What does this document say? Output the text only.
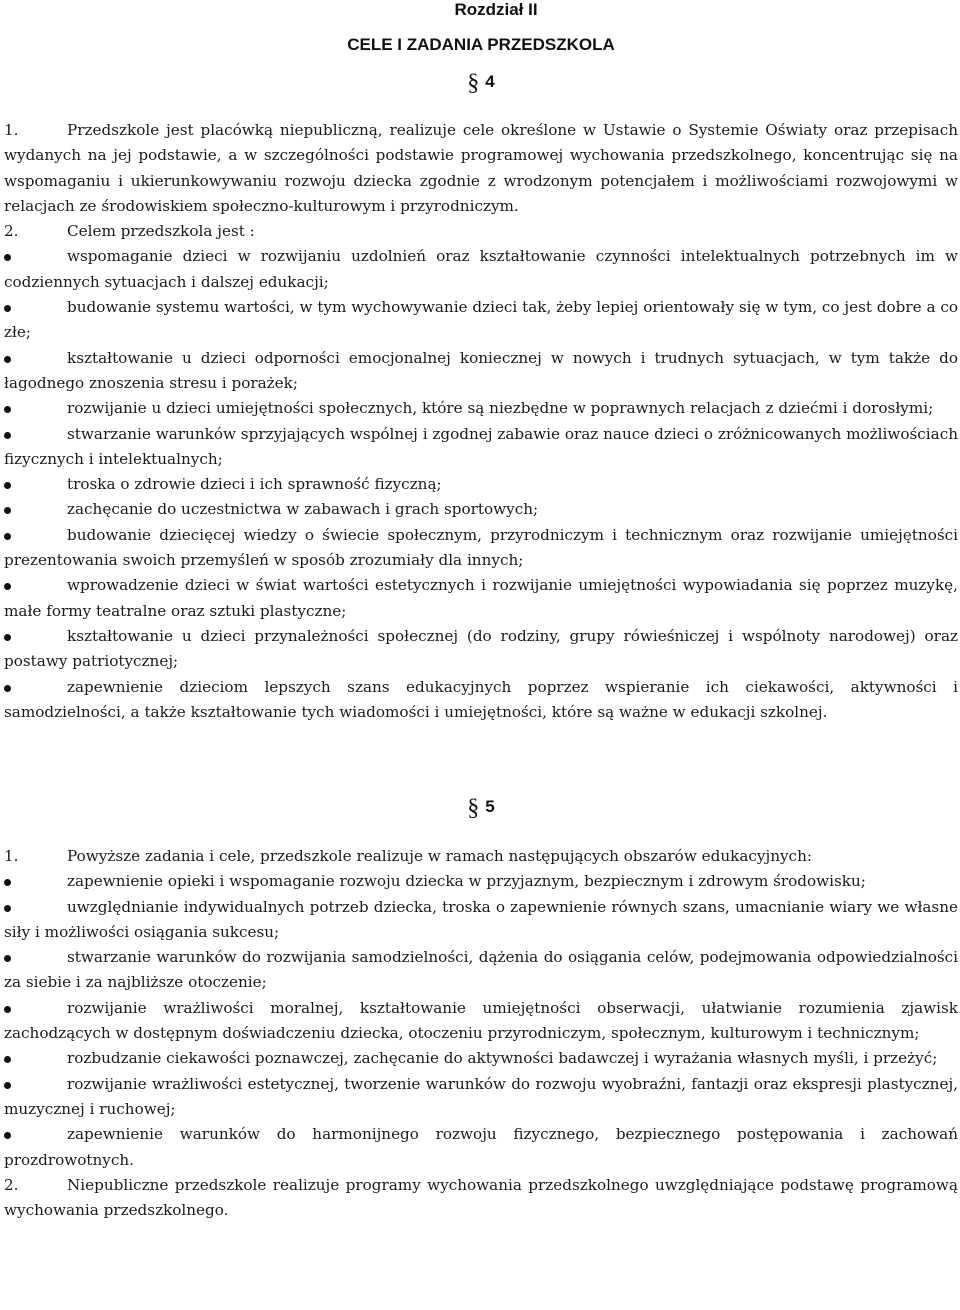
Rozdział II
CELE I ZADANIA PRZEDSZKOLA
§ 4

1.	Przedszkole jest placówką niepubliczną, realizuje cele określone w Ustawie o Systemie Oświaty oraz przepisach wydanych na jej podstawie, a w szczególności podstawie programowej wychowania przedszkolnego, koncentrując się na wspomaganiu i ukierunkowywaniu rozwoju dziecka zgodnie z wrodzonym potencjałem i możliwościami rozwojowymi w relacjach ze środowiskiem społeczno-kulturowym i przyrodniczym.

2.	Celem przedszkola jest :

wspomaganie dzieci w rozwijaniu uzdolnień oraz kształtowanie czynności intelektualnych potrzebnych im w codziennych sytuacjach i dalszej edukacji;

budowanie systemu wartości, w tym wychowywanie dzieci tak, żeby lepiej orientowały się w tym, co jest dobre a co złe;

kształtowanie u dzieci odporności emocjonalnej koniecznej w nowych i trudnych sytuacjach, w tym także do łagodnego znoszenia stresu i porażek;

rozwijanie u dzieci umiejętności społecznych, które są niezbędne w poprawnych relacjach z dziećmi i dorosłymi;

stwarzanie warunków sprzyjających wspólnej i zgodnej zabawie oraz nauce dzieci o zróżnicowanych możliwościach fizycznych i intelektualnych;

troska o zdrowie dzieci i ich sprawność fizyczną;

zachęcanie do uczestnictwa w zabawach i grach sportowych;

budowanie dziecięcej wiedzy o świecie społecznym, przyrodniczym i technicznym oraz rozwijanie umiejętności prezentowania swoich przemyśleń w sposób zrozumiały dla innych;

wprowadzenie dzieci w świat wartości estetycznych i rozwijanie umiejętności wypowiadania się poprzez muzykę, małe formy teatralne oraz sztuki plastyczne;

kształtowanie u dzieci przynależności społecznej (do rodziny, grupy rówieśniczej i wspólnoty narodowej) oraz postawy patriotycznej;

zapewnienie dzieciom lepszych szans edukacyjnych poprzez wspieranie ich ciekawości, aktywności i samodzielności, a także kształtowanie tych wiadomości i umiejętności, które są ważne w edukacji szkolnej.

§ 5

1.	Powyższe zadania i cele, przedszkole realizuje w ramach następujących obszarów edukacyjnych:

zapewnienie opieki i wspomaganie rozwoju dziecka w przyjaznym, bezpiecznym i zdrowym środowisku;

uwzględnianie indywidualnych potrzeb dziecka, troska o zapewnienie równych szans, umacnianie wiary we własne siły i możliwości osiągania sukcesu;

stwarzanie warunków do rozwijania samodzielności, dążenia do osiągania celów, podejmowania odpowiedzialności za siebie i za najbliższe otoczenie;

rozwijanie wrażliwości moralnej, kształtowanie umiejętności obserwacji, ułatwianie rozumienia zjawisk zachodzących w dostępnym doświadczeniu dziecka, otoczeniu przyrodniczym, społecznym, kulturowym i technicznym;

rozbudzanie ciekawości poznawczej, zachęcanie do aktywności badawczej i wyrażania własnych myśli, i przeżyć;

rozwijanie wrażliwości estetycznej, tworzenie warunków do rozwoju wyobraźni, fantazji oraz ekspresji plastycznej, muzycznej i ruchowej;

zapewnienie warunków do harmonijnego rozwoju fizycznego, bezpiecznego postępowania i zachowań prozdrowotnych.

2.	Niepubliczne przedszkole realizuje programy wychowania przedszkolnego uwzględniające podstawę programową wychowania przedszkolnego.
